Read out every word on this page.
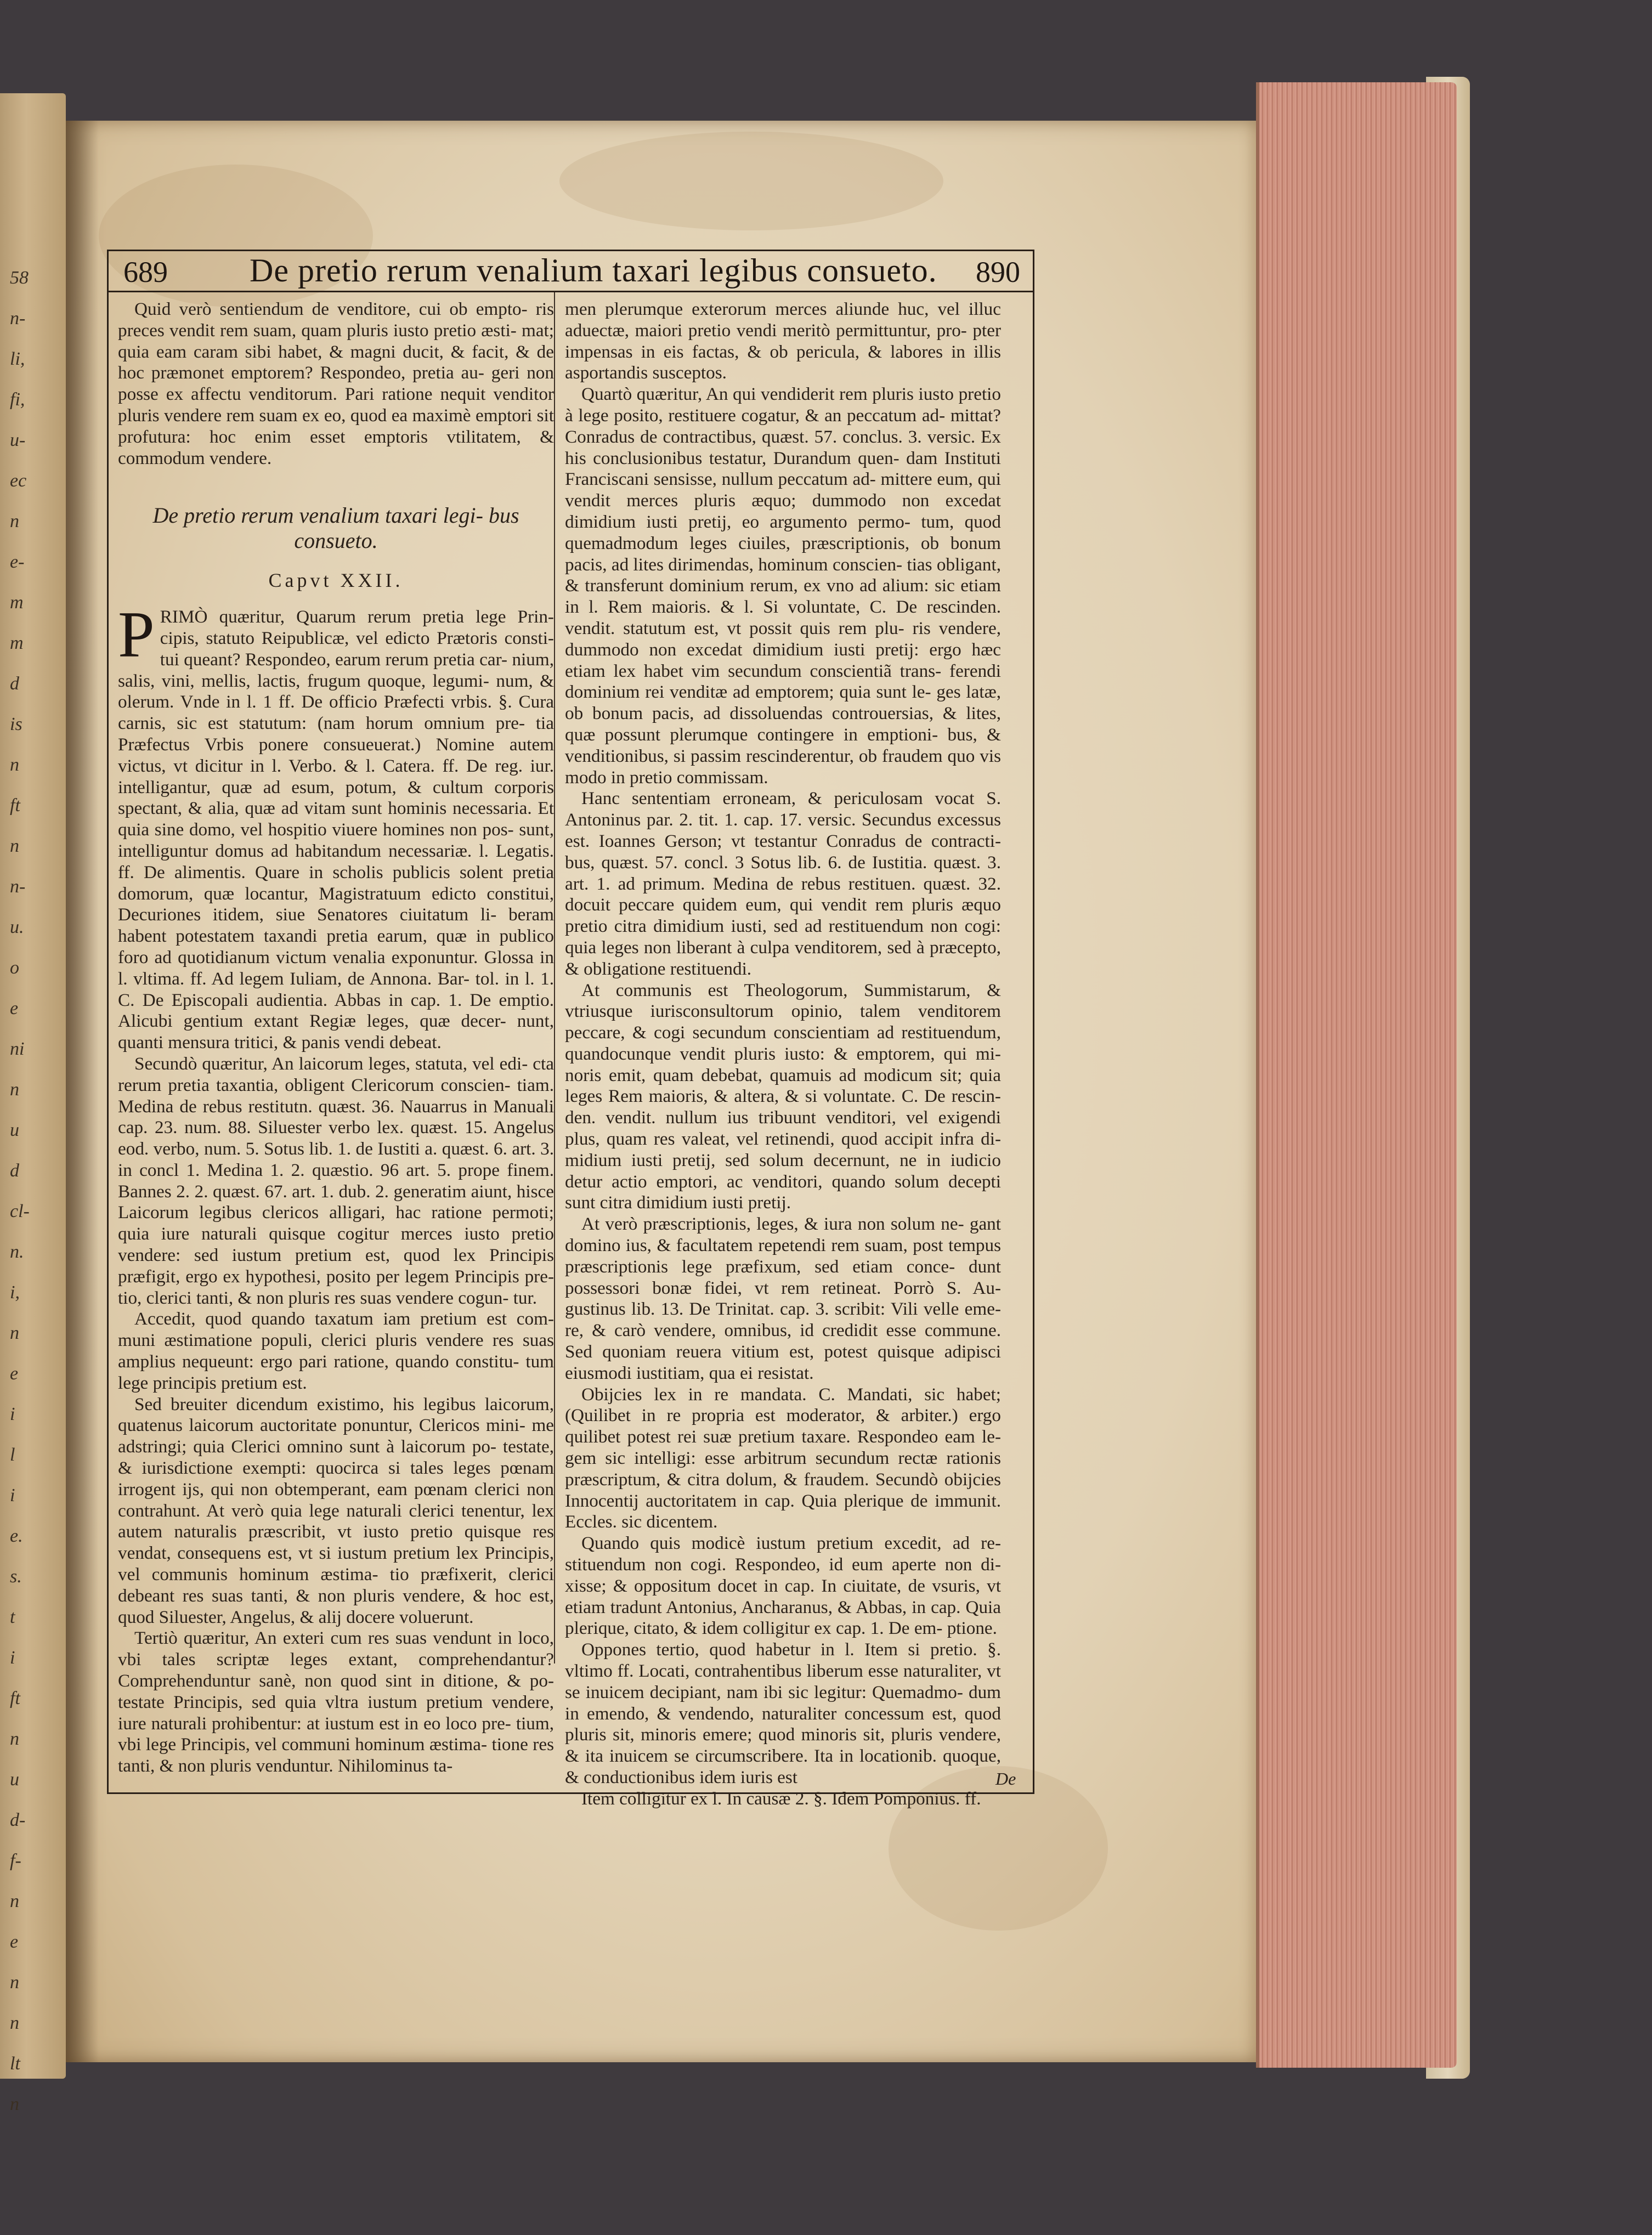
58
n-
li,
fi,
u-
ec
n
e-
m
m
d
is
n
ft
n
n-
u.
o
e
ni
n
u
d
cl-
n.
i,
n
e
i
l
i
e.
s.
t
i
ft
n
u
d-
f-
n
e
n
n
lt
n
689 De pretio rerum venalium taxari legibus consueto. 890

Quid verò sentiendum de venditore, cui ob empto- ris preces vendit rem suam, quam pluris iusto pretio æsti- mat; quia eam caram sibi habet, & magni ducit, & facit, & de hoc præmonet emptorem? Respondeo, pretia au- geri non posse ex affectu venditorum. Pari ratione nequit venditor pluris vendere rem suam ex eo, quod ea maximè emptori sit profutura: hoc enim esset emptoris vtilitatem, & commodum vendere.

De pretio rerum venalium taxari legi- bus consueto.
Capvt XXII.

PRIMÒ quæritur, Quarum rerum pretia lege Prin- cipis, statuto Reipublicæ, vel edicto Prætoris consti- tui queant? Respondeo, earum rerum pretia car- nium, salis, vini, mellis, lactis, frugum quoque, legumi- num, & olerum. Vnde in l. 1 ff. De officio Præfecti vrbis. §. Cura carnis, sic est statutum: (nam horum omnium pre- tia Præfectus Vrbis ponere consueuerat.) Nomine autem victus, vt dicitur in l. Verbo. & l. Catera. ff. De reg. iur. intelligantur, quæ ad esum, potum, & cultum corporis spectant, & alia, quæ ad vitam sunt hominis necessaria. Et quia sine domo, vel hospitio viuere homines non pos- sunt, intelliguntur domus ad habitandum necessariæ. l. Legatis. ff. De alimentis. Quare in scholis publicis solent pretia domorum, quæ locantur, Magistratuum edicto constitui, Decuriones itidem, siue Senatores ciuitatum li- beram habent potestatem taxandi pretia earum, quæ in publico foro ad quotidianum victum venalia exponuntur. Glossa in l. vltima. ff. Ad legem Iuliam, de Annona. Bar- tol. in l. 1. C. De Episcopali audientia. Abbas in cap. 1. De emptio. Alicubi gentium extant Regiæ leges, quæ decer- nunt, quanti mensura tritici, & panis vendi debeat.

Secundò quæritur, An laicorum leges, statuta, vel edi- cta rerum pretia taxantia, obligent Clericorum conscien- tiam. Medina de rebus restitutn. quæst. 36. Nauarrus in Manuali cap. 23. num. 88. Siluester verbo lex. quæst. 15. Angelus eod. verbo, num. 5. Sotus lib. 1. de Iustiti a. quæst. 6. art. 3. in concl 1. Medina 1. 2. quæstio. 96 art. 5. prope finem. Bannes 2. 2. quæst. 67. art. 1. dub. 2. generatim aiunt, hisce Laicorum legibus clericos alligari, hac ratione permoti; quia iure naturali quisque cogitur merces iusto pretio vendere: sed iustum pretium est, quod lex Principis præfigit, ergo ex hypothesi, posito per legem Principis pre- tio, clerici tanti, & non pluris res suas vendere cogun- tur.

Accedit, quod quando taxatum iam pretium est com- muni æstimatione populi, clerici pluris vendere res suas amplius nequeunt: ergo pari ratione, quando constitu- tum lege principis pretium est.

Sed breuiter dicendum existimo, his legibus laicorum, quatenus laicorum auctoritate ponuntur, Clericos mini- me adstringi; quia Clerici omnino sunt à laicorum po- testate, & iurisdictione exempti: quocirca si tales leges pœnam irrogent ijs, qui non obtemperant, eam pœnam clerici non contrahunt. At verò quia lege naturali clerici tenentur, lex autem naturalis præscribit, vt iusto pretio quisque res vendat, consequens est, vt si iustum pretium lex Principis, vel communis hominum æstima- tio præfixerit, clerici debeant res suas tanti, & non pluris vendere, & hoc est, quod Siluester, Angelus, & alij docere voluerunt.

Tertiò quæritur, An exteri cum res suas vendunt in loco, vbi tales scriptæ leges extant, comprehendantur? Comprehenduntur sanè, non quod sint in ditione, & po- testate Principis, sed quia vltra iustum pretium vendere, iure naturali prohibentur: at iustum est in eo loco pre- tium, vbi lege Principis, vel communi hominum æstima- tione res tanti, & non pluris venduntur. Nihilominus ta-

men plerumque exterorum merces aliunde huc, vel illuc aduectæ, maiori pretio vendi meritò permittuntur, pro- pter impensas in eis factas, & ob pericula, & labores in illis asportandis susceptos.

Quartò quæritur, An qui vendiderit rem pluris iusto pretio à lege posito, restituere cogatur, & an peccatum ad- mittat? Conradus de contractibus, quæst. 57. conclus. 3. versic. Ex his conclusionibus testatur, Durandum quen- dam Instituti Franciscani sensisse, nullum peccatum ad- mittere eum, qui vendit merces pluris æquo; dummodo non excedat dimidium iusti pretij, eo argumento permo- tum, quod quemadmodum leges ciuiles, præscriptionis, ob bonum pacis, ad lites dirimendas, hominum conscien- tias obligant, & transferunt dominium rerum, ex vno ad alium: sic etiam in l. Rem maioris. & l. Si voluntate, C. De rescinden. vendit. statutum est, vt possit quis rem plu- ris vendere, dummodo non excedat dimidium iusti pretij: ergo hæc etiam lex habet vim secundum conscientiã trans- ferendi dominium rei venditæ ad emptorem; quia sunt le- ges latæ, ob bonum pacis, ad dissoluendas controuersias, & lites, quæ possunt plerumque contingere in emptioni- bus, & venditionibus, si passim rescinderentur, ob fraudem quo vis modo in pretio commissam.

Hanc sententiam erroneam, & periculosam vocat S. Antoninus par. 2. tit. 1. cap. 17. versic. Secundus excessus est. Ioannes Gerson; vt testantur Conradus de contracti- bus, quæst. 57. concl. 3 Sotus lib. 6. de Iustitia. quæst. 3. art. 1. ad primum. Medina de rebus restituen. quæst. 32. docuit peccare quidem eum, qui vendit rem pluris æquo pretio citra dimidium iusti, sed ad restituendum non cogi: quia leges non liberant à culpa venditorem, sed à præcepto, & obligatione restituendi.

At communis est Theologorum, Summistarum, & vtriusque iurisconsultorum opinio, talem venditorem peccare, & cogi secundum conscientiam ad restituendum, quandocunque vendit pluris iusto: & emptorem, qui mi- noris emit, quam debebat, quamuis ad modicum sit; quia leges Rem maioris, & altera, & si voluntate. C. De rescin- den. vendit. nullum ius tribuunt venditori, vel exigendi plus, quam res valeat, vel retinendi, quod accipit infra di- midium iusti pretij, sed solum decernunt, ne in iudicio detur actio emptori, ac venditori, quando solum decepti sunt citra dimidium iusti pretij.

At verò præscriptionis, leges, & iura non solum ne- gant domino ius, & facultatem repetendi rem suam, post tempus præscriptionis lege præfixum, sed etiam conce- dunt possessori bonæ fidei, vt rem retineat. Porrò S. Au- gustinus lib. 13. De Trinitat. cap. 3. scribit: Vili velle eme- re, & carò vendere, omnibus, id credidit esse commune. Sed quoniam reuera vitium est, potest quisque adipisci eiusmodi iustitiam, qua ei resistat.

Obijcies lex in re mandata. C. Mandati, sic habet; (Quilibet in re propria est moderator, & arbiter.) ergo quilibet potest rei suæ pretium taxare. Respondeo eam le- gem sic intelligi: esse arbitrum secundum rectæ rationis præscriptum, & citra dolum, & fraudem. Secundò obijcies Innocentij auctoritatem in cap. Quia plerique de immunit. Eccles. sic dicentem.

Quando quis modicè iustum pretium excedit, ad re- stituendum non cogi. Respondeo, id eum aperte non di- xisse; & oppositum docet in cap. In ciuitate, de vsuris, vt etiam tradunt Antonius, Ancharanus, & Abbas, in cap. Quia plerique, citato, & idem colligitur ex cap. 1. De em- ptione.

Oppones tertio, quod habetur in l. Item si pretio. §. vltimo ff. Locati, contrahentibus liberum esse naturaliter, vt se inuicem decipiant, nam ibi sic legitur: Quemadmo- dum in emendo, & vendendo, naturaliter concessum est, quod pluris sit, minoris emere; quod minoris sit, pluris vendere, & ita inuicem se circumscribere. Ita in locationib. quoque, & conductionibus idem iuris est

Item colligitur ex l. In causæ 2. §. Idem Pomponius. ff.

De
